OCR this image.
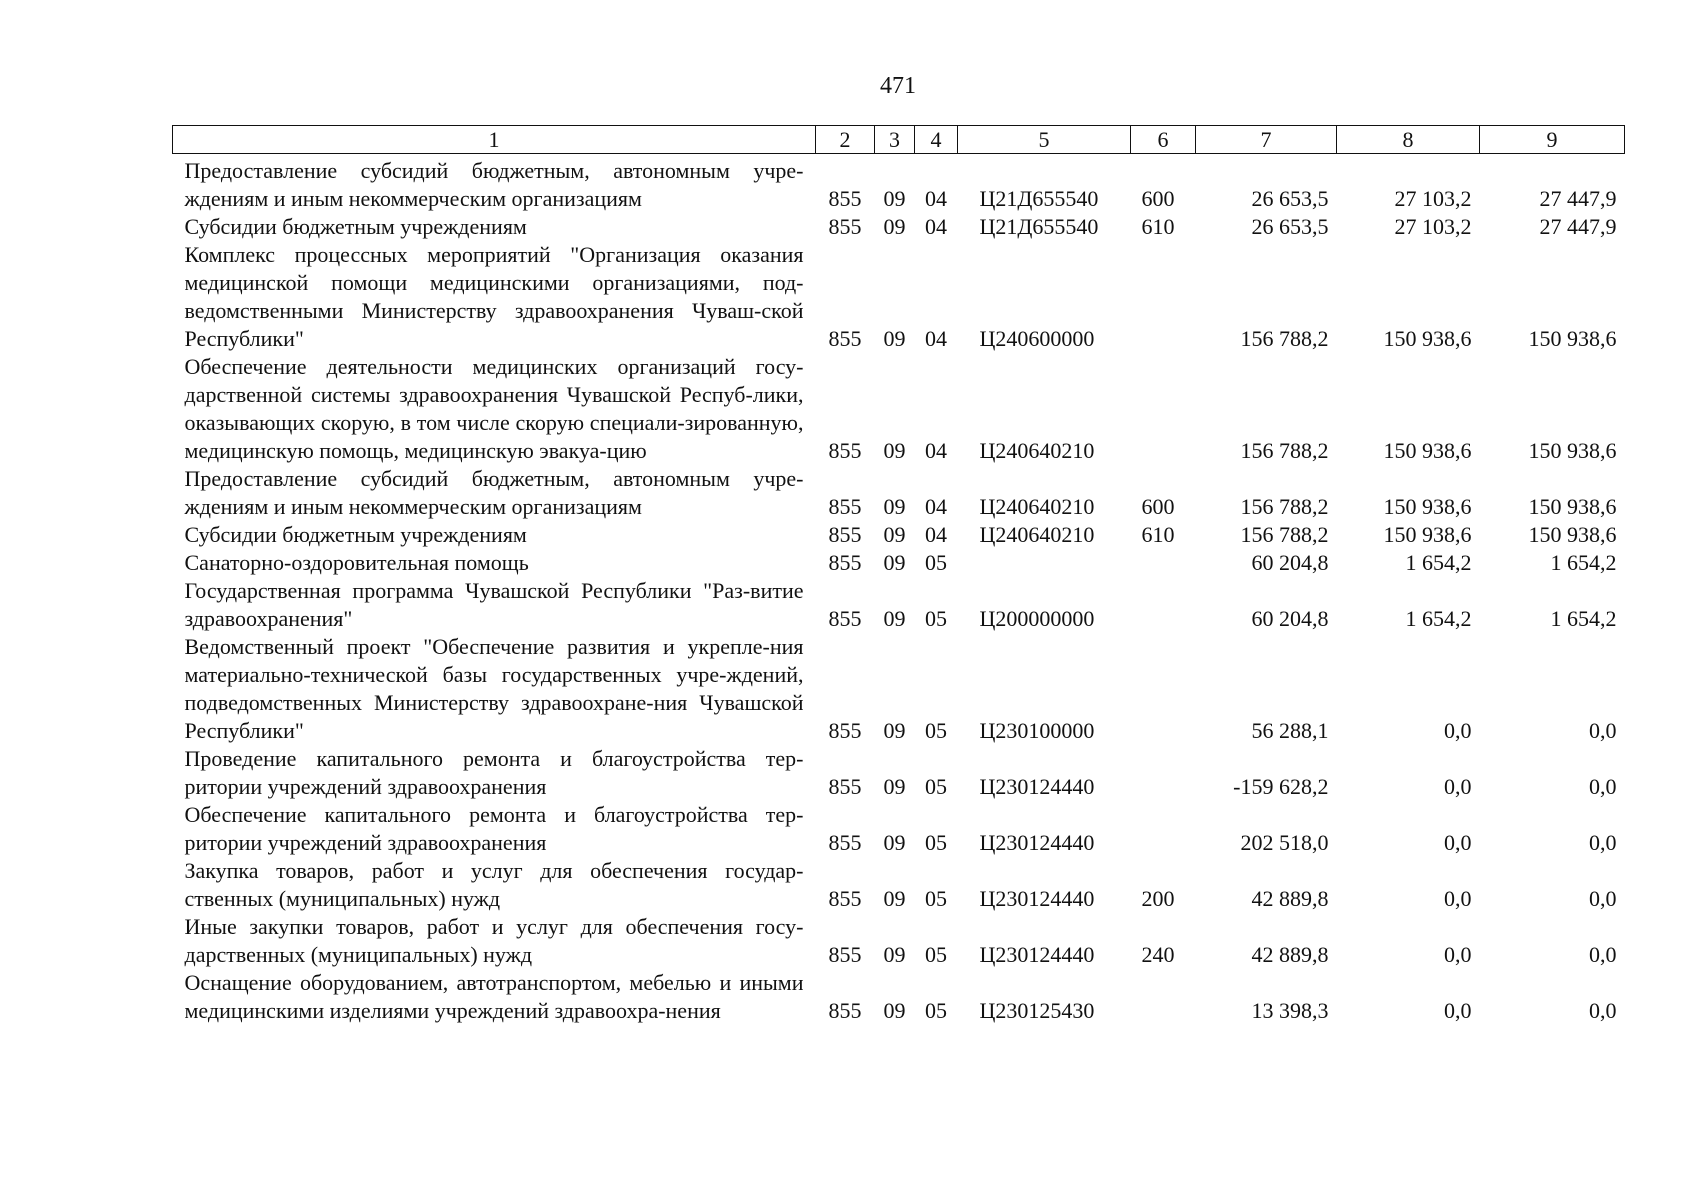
471
1	2	3	4	5	6	7	8	9
Предоставление субсидий бюджетным, автономным учре-ждениям и иным некоммерческим организациям	855	09	04	Ц21Д655540	600	26 653,5	27 103,2	27 447,9
Субсидии бюджетным учреждениям	855	09	04	Ц21Д655540	610	26 653,5	27 103,2	27 447,9
Комплекс процессных мероприятий "Организация оказания медицинской помощи медицинскими организациями, под-ведомственными Министерству здравоохранения Чуваш-ской Республики"	855	09	04	Ц240600000		156 788,2	150 938,6	150 938,6
Обеспечение деятельности медицинских организаций госу-дарственной системы здравоохранения Чувашской Респуб-лики, оказывающих скорую, в том числе скорую специали-зированную, медицинскую помощь, медицинскую эвакуа-цию	855	09	04	Ц240640210		156 788,2	150 938,6	150 938,6
Предоставление субсидий бюджетным, автономным учре-ждениям и иным некоммерческим организациям	855	09	04	Ц240640210	600	156 788,2	150 938,6	150 938,6
Субсидии бюджетным учреждениям	855	09	04	Ц240640210	610	156 788,2	150 938,6	150 938,6
Санаторно-оздоровительная помощь	855	09	05			60 204,8	1 654,2	1 654,2
Государственная программа Чувашской Республики "Раз-витие здравоохранения"	855	09	05	Ц200000000		60 204,8	1 654,2	1 654,2
Ведомственный проект "Обеспечение развития и укрепле-ния материально-технической базы государственных учре-ждений, подведомственных Министерству здравоохране-ния Чувашской Республики"	855	09	05	Ц230100000		56 288,1	0,0	0,0
Проведение капитального ремонта и благоустройства тер-ритории учреждений здравоохранения	855	09	05	Ц230124440		-159 628,2	0,0	0,0
Обеспечение капитального ремонта и благоустройства тер-ритории учреждений здравоохранения	855	09	05	Ц230124440		202 518,0	0,0	0,0
Закупка товаров, работ и услуг для обеспечения государ-ственных (муниципальных) нужд	855	09	05	Ц230124440	200	42 889,8	0,0	0,0
Иные закупки товаров, работ и услуг для обеспечения госу-дарственных (муниципальных) нужд	855	09	05	Ц230124440	240	42 889,8	0,0	0,0
Оснащение оборудованием, автотранспортом, мебелью и иными медицинскими изделиями учреждений здравоохра-нения	855	09	05	Ц230125430		13 398,3	0,0	0,0
